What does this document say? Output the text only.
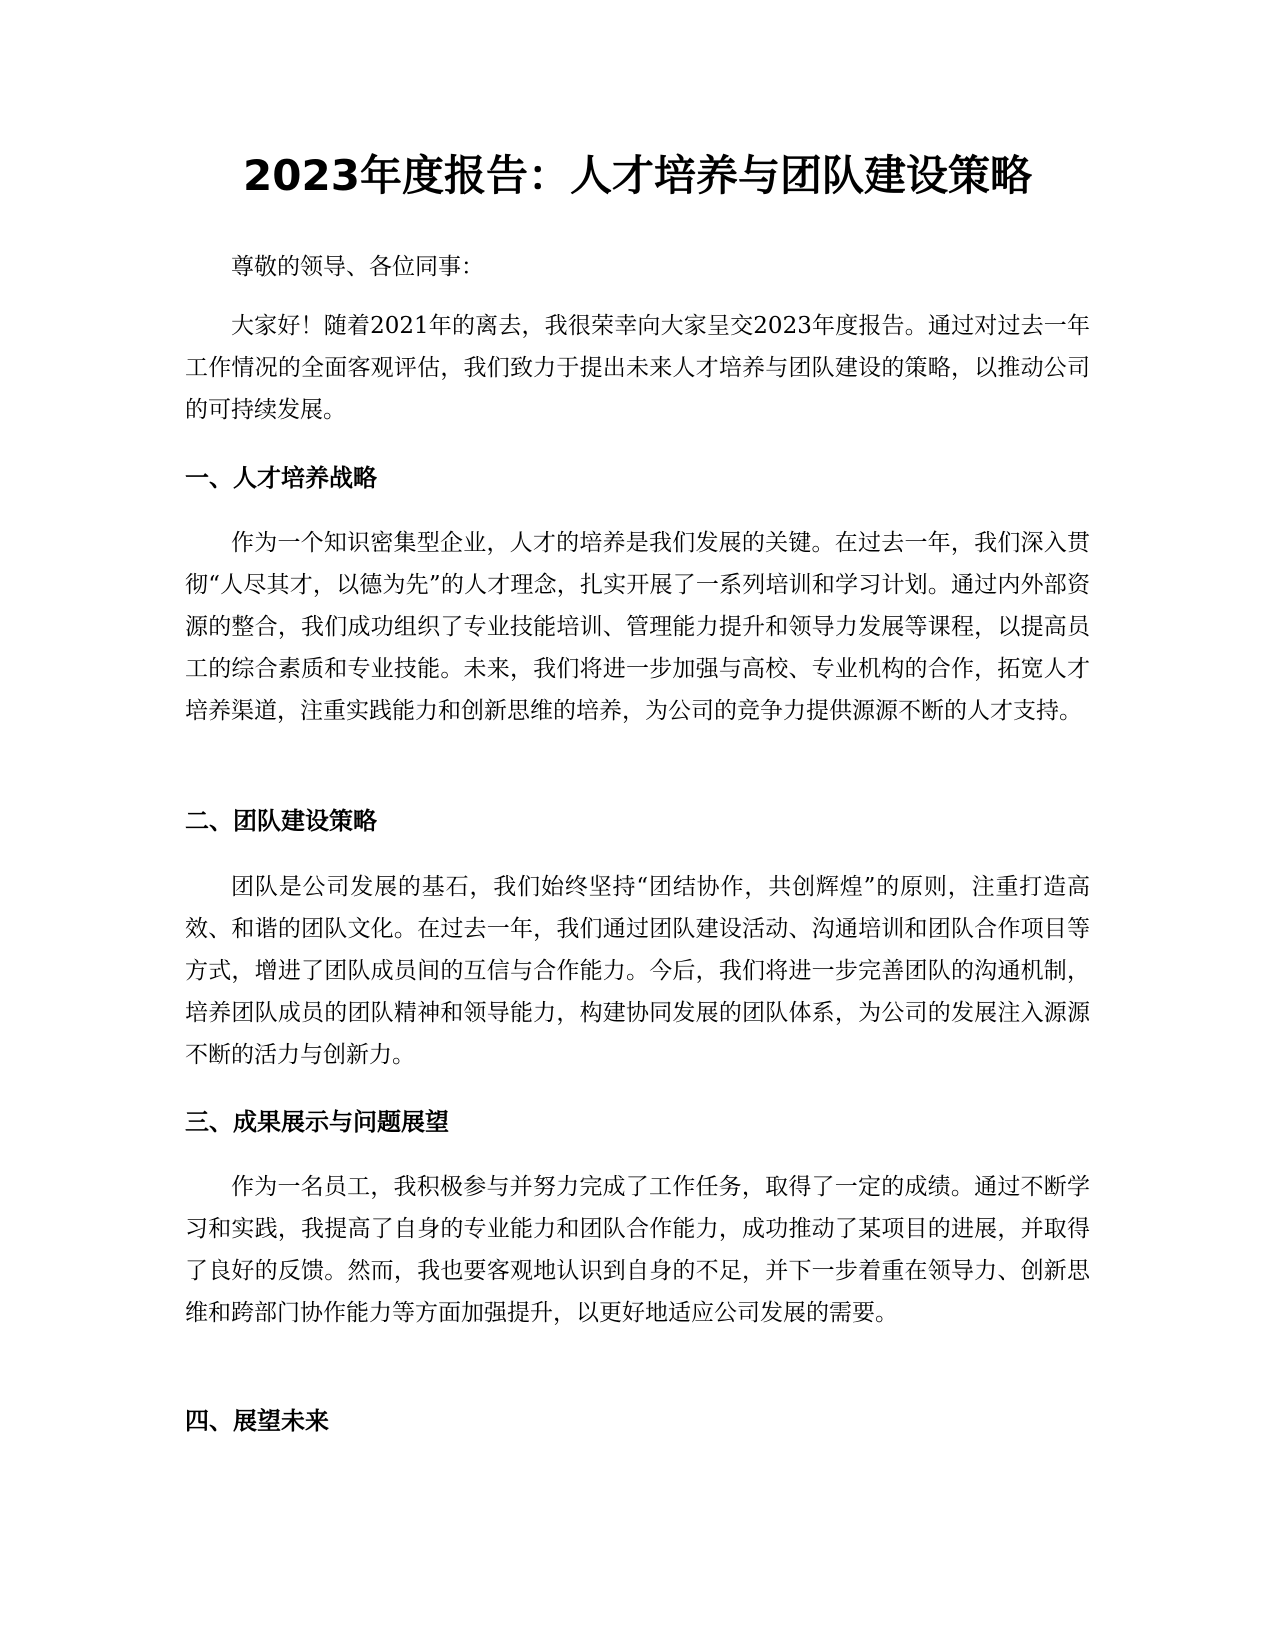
2023年度报告：人才培养与团队建设策略

尊敬的领导、各位同事：

大家好！随着2021年的离去，我很荣幸向大家呈交2023年度报告。通过对过去一年工作情况的全面客观评估，我们致力于提出未来人才培养与团队建设的策略，以推动公司的可持续发展。

一、人才培养战略

作为一个知识密集型企业，人才的培养是我们发展的关键。在过去一年，我们深入贯彻“人尽其才，以德为先”的人才理念，扎实开展了一系列培训和学习计划。通过内外部资源的整合，我们成功组织了专业技能培训、管理能力提升和领导力发展等课程，以提高员工的综合素质和专业技能。未来，我们将进一步加强与高校、专业机构的合作，拓宽人才培养渠道，注重实践能力和创新思维的培养，为公司的竞争力提供源源不断的人才支持。

二、团队建设策略

团队是公司发展的基石，我们始终坚持“团结协作，共创辉煌”的原则，注重打造高效、和谐的团队文化。在过去一年，我们通过团队建设活动、沟通培训和团队合作项目等方式，增进了团队成员间的互信与合作能力。今后，我们将进一步完善团队的沟通机制，培养团队成员的团队精神和领导能力，构建协同发展的团队体系，为公司的发展注入源源不断的活力与创新力。

三、成果展示与问题展望

作为一名员工，我积极参与并努力完成了工作任务，取得了一定的成绩。通过不断学习和实践，我提高了自身的专业能力和团队合作能力，成功推动了某项目的进展，并取得了良好的反馈。然而，我也要客观地认识到自身的不足，并下一步着重在领导力、创新思维和跨部门协作能力等方面加强提升，以更好地适应公司发展的需要。

四、展望未来
